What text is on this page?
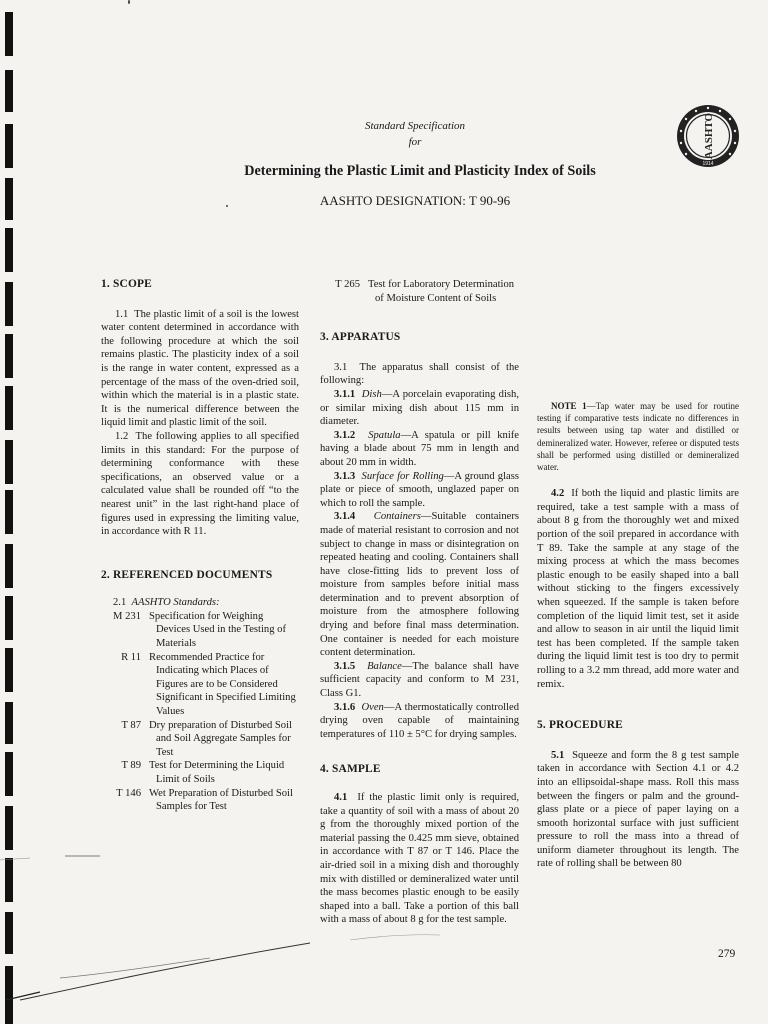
Standard Specification
for	AASHTO
1914
Determining the Plastic Limit and Plasticity Index of Soils
AASHTO DESIGNATION: T 90-96
1. SCOPE

1.1 The plastic limit of a soil is the lowest water content determined in accordance with the following procedure at which the soil remains plastic. The plasticity index of a soil is the range in water content, expressed as a percentage of the mass of the oven-dried soil, within which the material is in a plastic state. It is the numerical difference between the liquid limit and plastic limit of the soil.

1.2 The following applies to all specified limits in this standard: For the purpose of determining conformance with these specifications, an observed value or a calculated value shall be rounded off “to the nearest unit” in the last right-hand place of figures used in expressing the limiting value, in accordance with R 11.

2. REFERENCED DOCUMENTS
2.1 AASHTO Standards:
M 231 Specification for Weighing Devices Used in the Testing of Materials
R 11 Recommended Practice for Indicating which Places of Figures are to be Considered Significant in Specified Limiting Values
T 87 Dry preparation of Disturbed Soil and Soil Aggregate Samples for Test
T 89 Test for Determining the Liquid Limit of Soils
T 146 Wet Preparation of Disturbed Soil Samples for Test
T 265 Test for Laboratory Determination of Moisture Content of Soils
3. APPARATUS

3.1 The apparatus shall consist of the following:

3.1.1 Dish—A porcelain evaporating dish, or similar mixing dish about 115 mm in diameter.

3.1.2 Spatula—A spatula or pill knife having a blade about 75 mm in length and about 20 mm in width.

3.1.3 Surface for Rolling—A ground glass plate or piece of smooth, unglazed paper on which to roll the sample.

3.1.4 Containers—Suitable containers made of material resistant to corrosion and not subject to change in mass or disintegration on repeated heating and cooling. Containers shall have close-fitting lids to prevent loss of moisture from samples before initial mass determination and to prevent absorption of moisture from the atmosphere following drying and before final mass determination. One container is needed for each moisture content determination.

3.1.5 Balance—The balance shall have sufficient capacity and conform to M 231, Class G1.

3.1.6 Oven—A thermostatically controlled drying oven capable of maintaining temperatures of 110 ± 5°C for drying samples.

4. SAMPLE

4.1 If the plastic limit only is required, take a quantity of soil with a mass of about 20 g from the thoroughly mixed portion of the material passing the 0.425 mm sieve, obtained in accordance with T 87 or T 146. Place the air-dried soil in a mixing dish and thoroughly mix with distilled or demineralized water until the mass becomes plastic enough to be easily shaped into a ball. Take a portion of this ball with a mass of about 8 g for the test sample.

NOTE 1—Tap water may be used for routine testing if comparative tests indicate no differences in results between using tap water and distilled or demineralized water. However, referee or disputed tests shall be performed using distilled or demineralized water.

4.2 If both the liquid and plastic limits are required, take a test sample with a mass of about 8 g from the thoroughly wet and mixed portion of the soil prepared in accordance with T 89. Take the sample at any stage of the mixing process at which the mass becomes plastic enough to be easily shaped into a ball without sticking to the fingers excessively when squeezed. If the sample is taken before completion of the liquid limit test, set it aside and allow to season in air until the liquid limit test has been completed. If the sample taken during the liquid limit test is too dry to permit rolling to a 3.2 mm thread, add more water and remix.

5. PROCEDURE

5.1 Squeeze and form the 8 g test sample taken in accordance with Section 4.1 or 4.2 into an ellipsoidal-shape mass. Roll this mass between the fingers or palm and the ground-glass plate or a piece of paper laying on a smooth horizontal surface with just sufficient pressure to roll the mass into a thread of uniform diameter throughout its length. The rate of rolling shall be between 80

279
